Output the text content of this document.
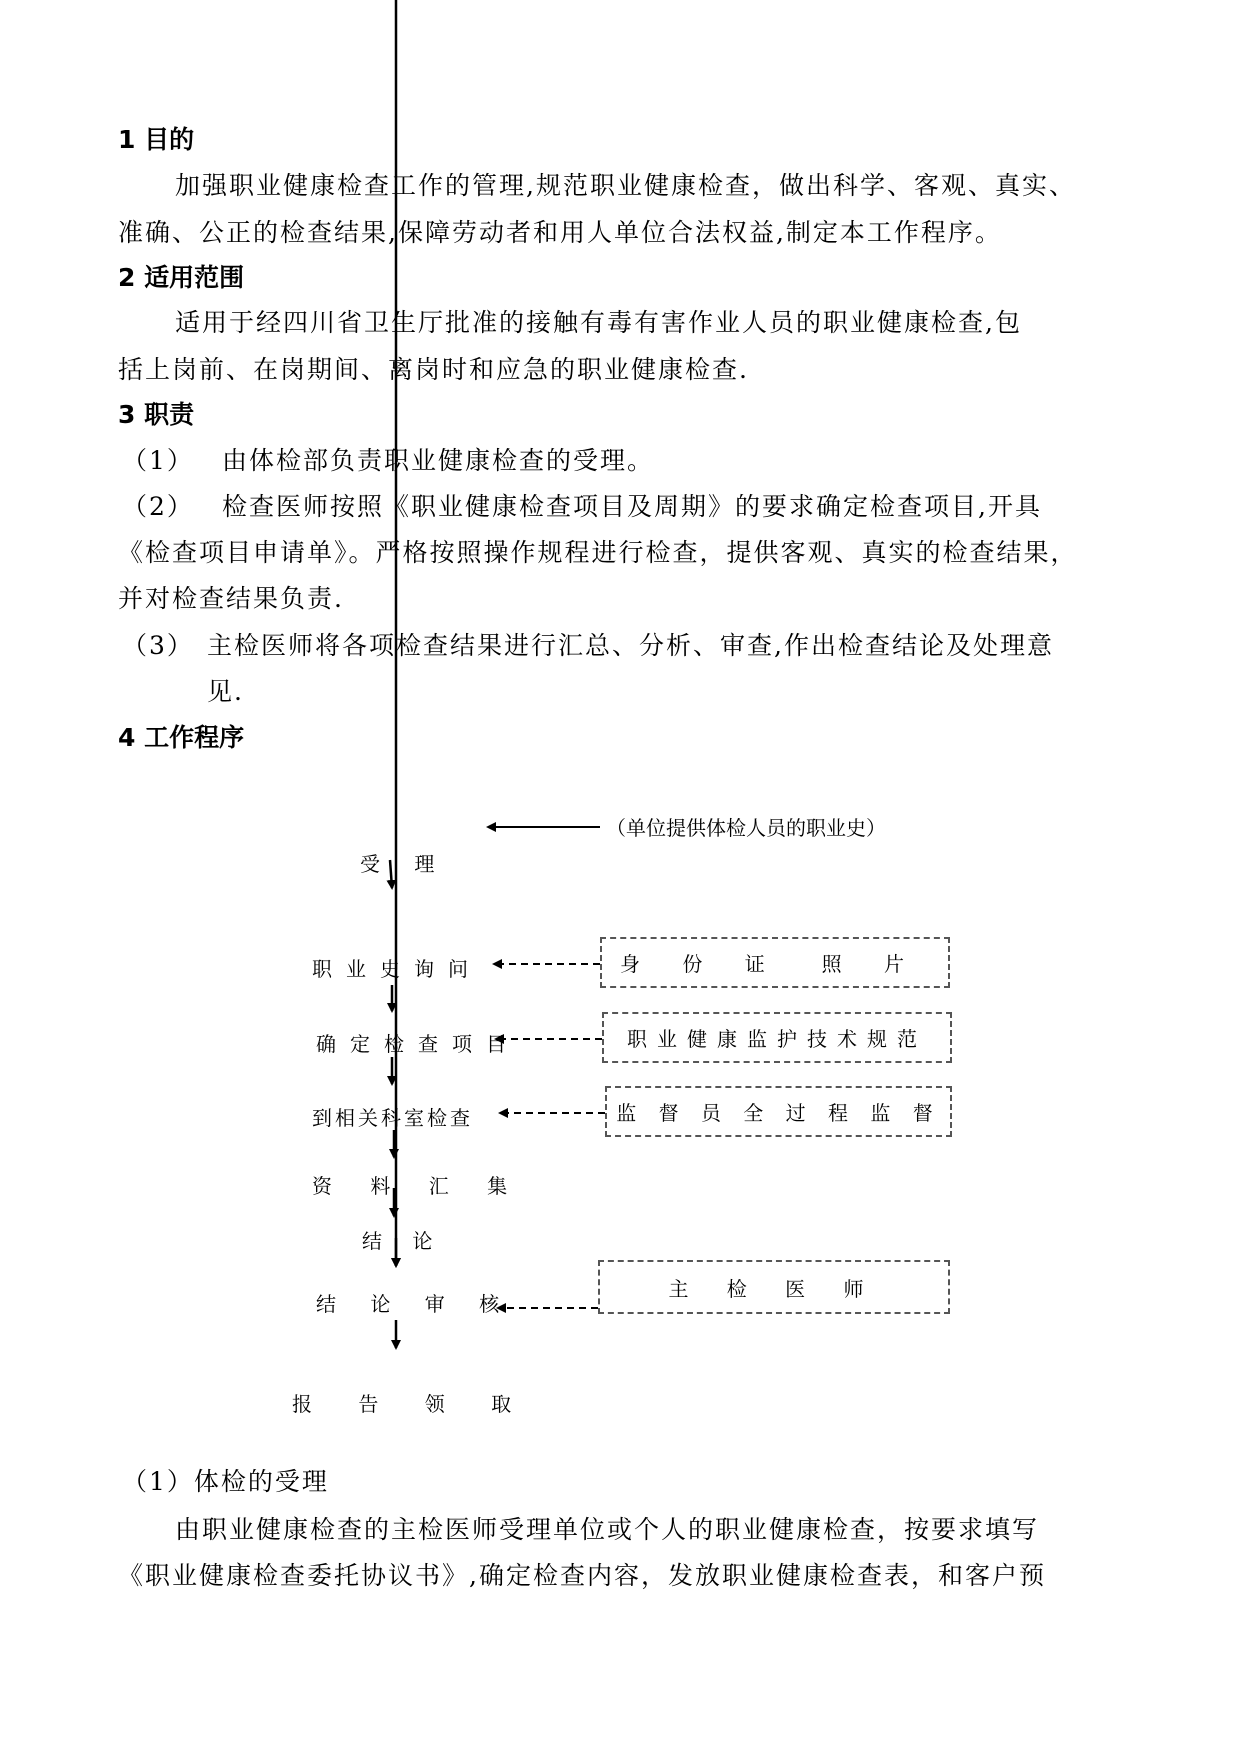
1 目的
加强职业健康检查工作的管理,规范职业健康检查，做出科学、客观、真实、
准确、公正的检查结果,保障劳动者和用人单位合法权益,制定本工作程序。
2 适用范围
适用于经四川省卫生厅批准的接触有毒有害作业人员的职业健康检查,包
括上岗前、在岗期间、离岗时和应急的职业健康检查.
3 职责
（1） 由体检部负责职业健康检查的受理。
（2） 检查医师按照《职业健康检查项目及周期》的要求确定检查项目,开具
《检查项目申请单》。严格按照操作规程进行检查，提供客观、真实的检查结果，
并对检查结果负责.
（3） 主检医师将各项检查结果进行汇总、分析、审查,作出检查结论及处理意
见.
4 工作程序
受 理
职业史询问
确定检查项目
到相关科室检查
资 料 汇 集
结 论
结 论 审 核
报 告 领 取
（单位提供体检人员的职业史）
身 份 证 照 片
职业健康监护技术规范
监 督 员 全 过 程 监 督
主 检 医 师
（1）体检的受理
由职业健康检查的主检医师受理单位或个人的职业健康检查，按要求填写
《职业健康检查委托协议书》,确定检查内容，发放职业健康检查表，和客户预
